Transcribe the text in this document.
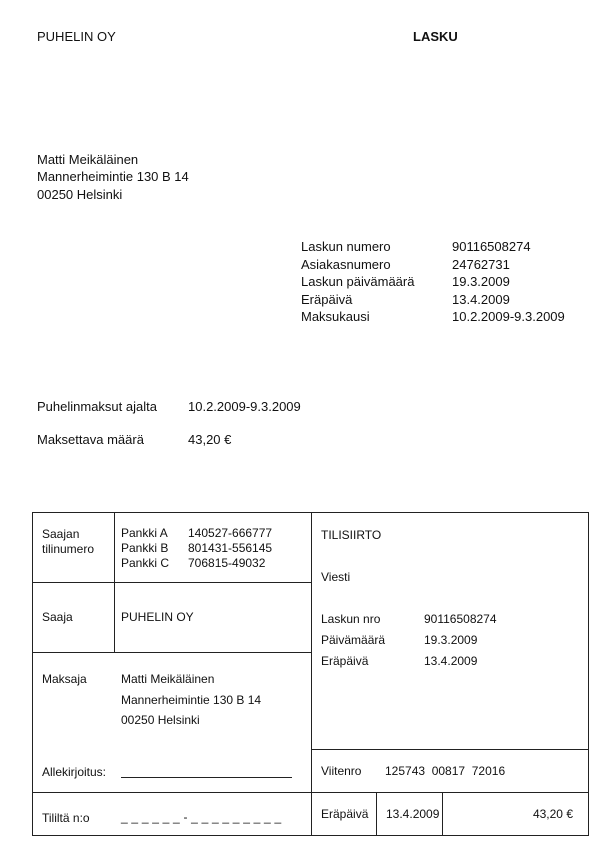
PUHELIN OY	LASKU
Matti Meikäläinen
Mannerheimintie 130 B 14
00250 Helsinki
Laskun numero	90116508274
Asiakasnumero	24762731
Laskun päivämäärä	19.3.2009
Eräpäivä	13.4.2009
Maksukausi	10.2.2009-9.3.2009
Puhelinmaksut ajalta 10.2.2009-9.3.2009
Maksettava määrä	43,20 €
Saajan
tilinumero
Pankki A 140527-666777
Pankki B 801431-556145
Pankki C 706815-49032
Saaja	PUHELIN OY
Maksaja	Matti Meikäläinen
Mannerheimintie 130 B 14
00250 Helsinki
Allekirjoitus:
Tililtä n:o	_ _ _ _ _ _ - _ _ _ _ _ _ _ _ _
TILISIIRTO
Viesti
Laskun nro	90116508274
Päivämäärä	19.3.2009
Eräpäivä	13.4.2009
Viitenro 125743  00817  72016
Eräpäivä 13.4.2009	43,20 €
